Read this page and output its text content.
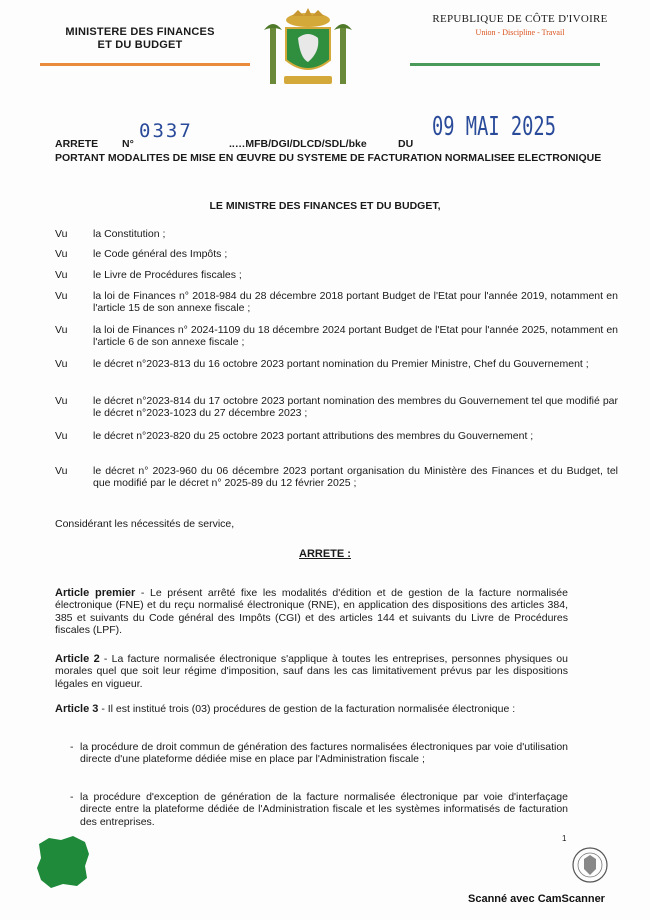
MINISTERE DES FINANCES
ET DU BUDGET
REPUBLIQUE DE CÔTE D'IVOIRE
Union - Discipline - Travail
ARRETE N°
0337
..…MFB/DGI/DLCD/SDL/bke	DU
09 MAI 2025
PORTANT MODALITES DE MISE EN ŒUVRE DU SYSTEME DE FACTURATION NORMALISEE ELECTRONIQUE
LE MINISTRE DES FINANCES ET DU BUDGET,
Vu la Constitution ;
Vu le Code général des Impôts ;
Vu le Livre de Procédures fiscales ;
Vu la loi de Finances n° 2018-984 du 28 décembre 2018 portant Budget de l'Etat pour l'année 2019, notamment en l'article 15 de son annexe fiscale ;
Vu la loi de Finances n° 2024-1109 du 18 décembre 2024 portant Budget de l'Etat pour l'année 2025, notamment en l'article 6 de son annexe fiscale ;
Vu le décret n°2023-813 du 16 octobre 2023 portant nomination du Premier Ministre, Chef du Gouvernement ;
Vu le décret n°2023-814 du 17 octobre 2023 portant nomination des membres du Gouvernement tel que modifié par le décret n°2023-1023 du 27 décembre 2023 ;
Vu le décret n°2023-820 du 25 octobre 2023 portant attributions des membres du Gouvernement ;
Vu le décret n° 2023-960 du 06 décembre 2023 portant organisation du Ministère des Finances et du Budget, tel que modifié par le décret n° 2025-89 du 12 février 2025 ;
Considérant les nécessités de service,
ARRETE :
Article premier - Le présent arrêté fixe les modalités d'édition et de gestion de la facture normalisée électronique (FNE) et du reçu normalisé électronique (RNE), en application des dispositions des articles 384, 385 et suivants du Code général des Impôts (CGI) et des articles 144 et suivants du Livre de Procédures fiscales (LPF).
Article 2 - La facture normalisée électronique s'applique à toutes les entreprises, personnes physiques ou morales quel que soit leur régime d'imposition, sauf dans les cas limitativement prévus par les dispositions légales en vigueur.
Article 3 - Il est institué trois (03) procédures de gestion de la facturation normalisée électronique :
- la procédure de droit commun de génération des factures normalisées électroniques par voie d'utilisation directe d'une plateforme dédiée mise en place par l'Administration fiscale ;
- la procédure d'exception de génération de la facture normalisée électronique par voie d'interfaçage directe entre la plateforme dédiée de l'Administration fiscale et les systèmes informatisés de facturation des entreprises.
1
Scanné avec CamScanner
